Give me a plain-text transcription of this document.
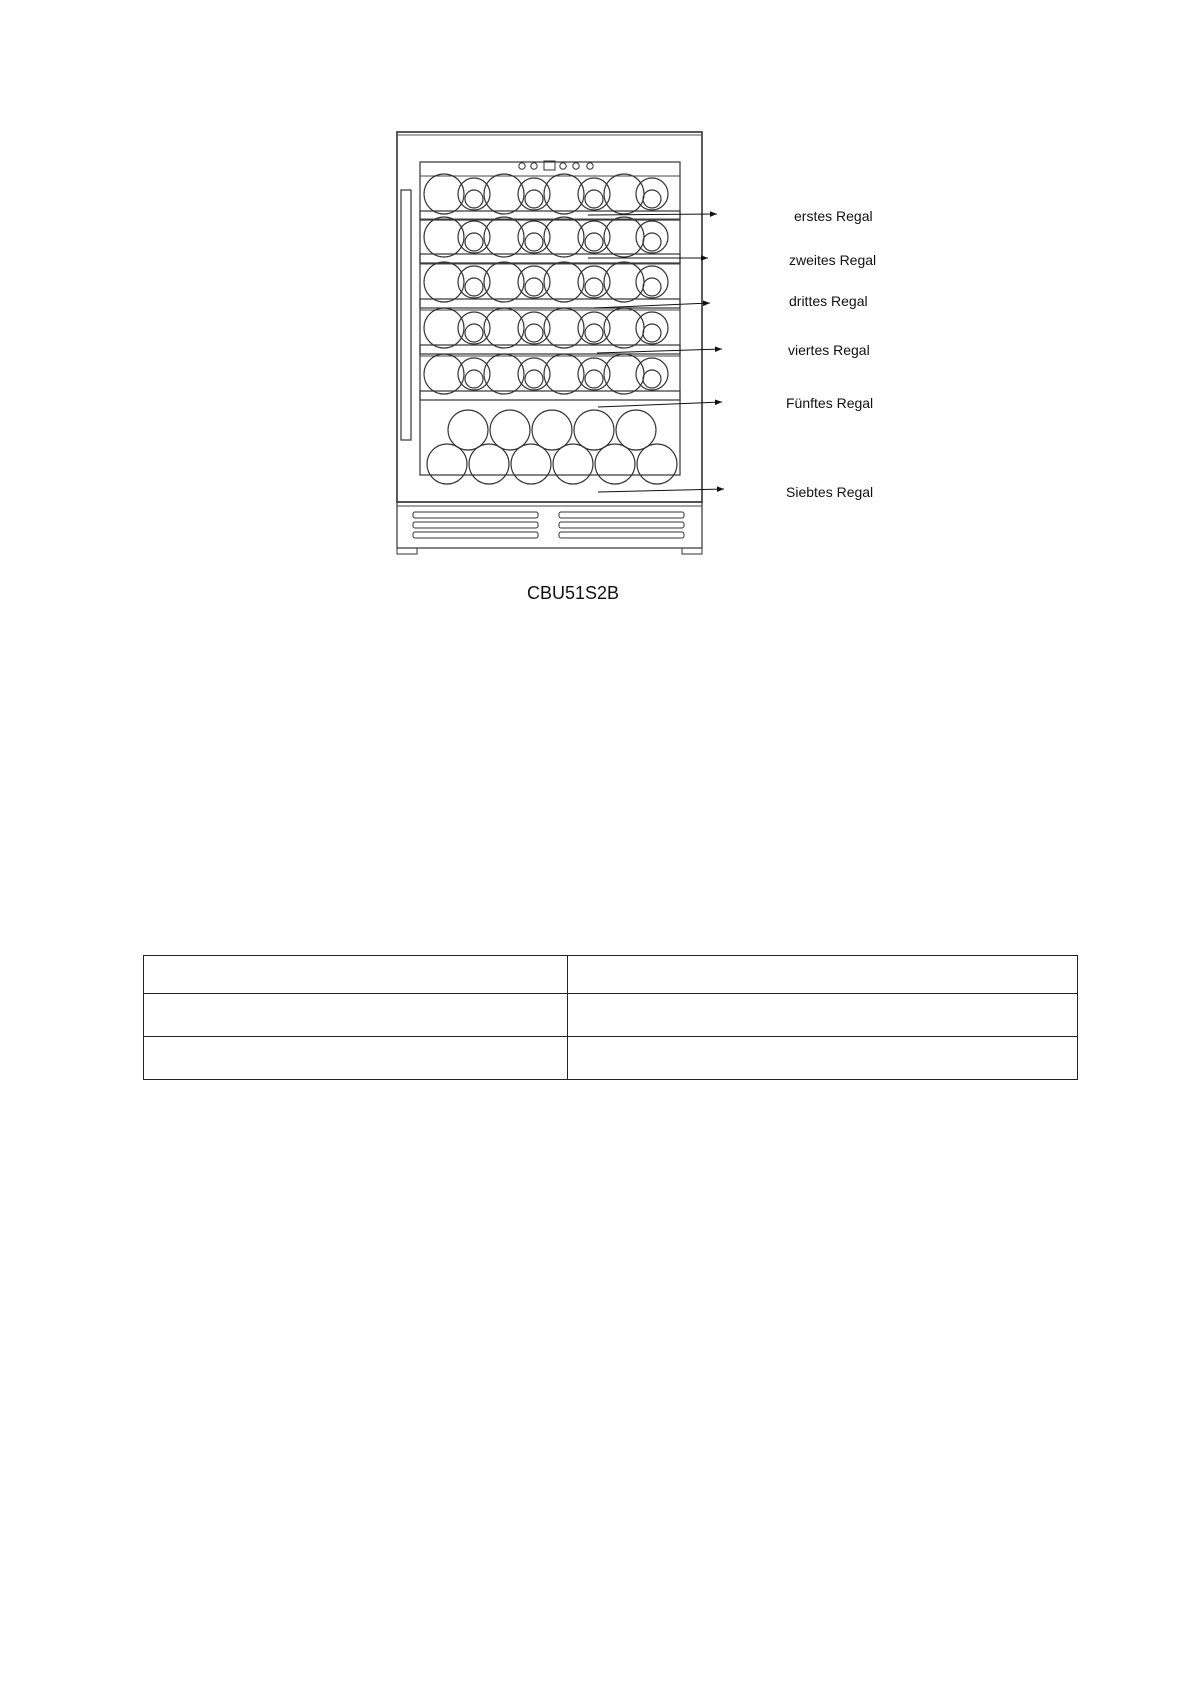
erstes Regal
zweites Regal
drittes Regal
viertes Regal
Fünftes Regal
Siebtes Regal
CBU51S2B
